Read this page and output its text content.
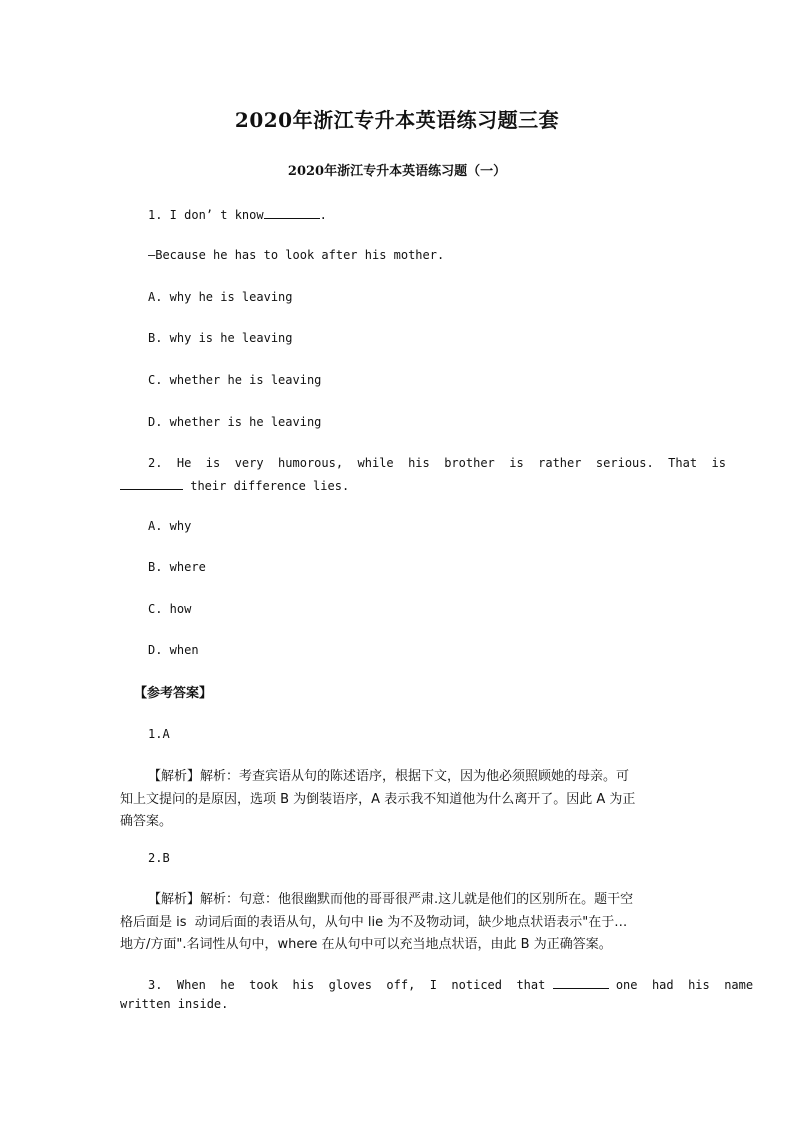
2020年浙江专升本英语练习题三套
2020年浙江专升本英语练习题（一）
1. I don’ t know	.
—Because he has to look after his mother.
A. why he is leaving
B. why is he leaving
C. whether he is leaving
D. whether is he leaving
2.  He  is  very  humorous,  while  his  brother  is  rather  serious.  That  is
their difference lies.
A. why
B. where
C. how
D. when
【参考答案】
1.A
【解析】解析：考查宾语从句的陈述语序，根据下文，因为他必须照顾她的母亲。可
知上文提问的是原因，选项 B 为倒装语序，A 表示我不知道他为什么离开了。因此 A 为正
确答案。
2.B
【解析】解析：句意：他很幽默而他的哥哥很严肃.这儿就是他们的区别所在。题干空
格后面是 is  动词后面的表语从句，从句中 lie 为不及物动词，缺少地点状语表示"在于…
地方/方面".名词性从句中，where 在从句中可以充当地点状语，由此 B 为正确答案。
3.  When  he  took  his  gloves  off,  I  noticed  that	one  had  his  name
written inside.
